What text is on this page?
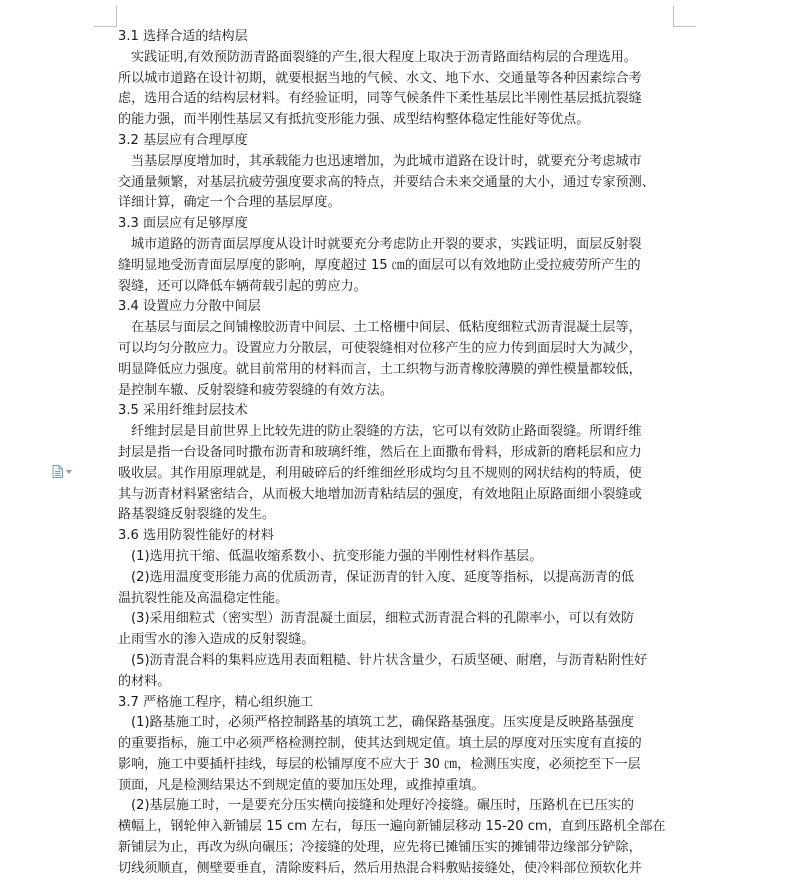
3.1 选择合适的结构层
实践证明,有效预防沥青路面裂缝的产生,很大程度上取决于沥青路面结构层的合理选用。
所以城市道路在设计初期，就要根据当地的气候、水文、地下水、交通量等各种因素综合考
虑，选用合适的结构层材料。有经验证明，同等气候条件下柔性基层比半刚性基层抵抗裂缝
的能力强，而半刚性基层又有抵抗变形能力强、成型结构整体稳定性能好等优点。
3.2 基层应有合理厚度
当基层厚度增加时，其承载能力也迅速增加，为此城市道路在设计时，就要充分考虑城市
交通量频繁，对基层抗疲劳强度要求高的特点，并要结合未来交通量的大小，通过专家预测、
详细计算，确定一个合理的基层厚度。
3.3 面层应有足够厚度
城市道路的沥青面层厚度从设计时就要充分考虑防止开裂的要求，实践证明，面层反射裂
缝明显地受沥青面层厚度的影响，厚度超过 15 ㎝的面层可以有效地防止受拉疲劳所产生的
裂缝，还可以降低车辆荷载引起的剪应力。
3.4 设置应力分散中间层
在基层与面层之间铺橡胶沥青中间层、土工格栅中间层、低粘度细粒式沥青混凝土层等，
可以均匀分散应力。设置应力分散层，可使裂缝相对位移产生的应力传到面层时大为减少，
明显降低应力强度。就目前常用的材料而言，土工织物与沥青橡胶薄膜的弹性模量都较低，
是控制车辙、反射裂缝和疲劳裂缝的有效方法。
3.5 采用纤维封层技术
纤维封层是目前世界上比较先进的防止裂缝的方法，它可以有效防止路面裂缝。所谓纤维
封层是指一台设备同时撒布沥青和玻璃纤维，然后在上面撒布骨料，形成新的磨耗层和应力
吸收层。其作用原理就是，利用破碎后的纤维细丝形成均匀且不规则的网状结构的特质，使
其与沥青材料紧密结合，从而极大地增加沥青粘结层的强度，有效地阻止原路面细小裂缝或
路基裂缝反射裂缝的发生。
3.6 选用防裂性能好的材料
(1)选用抗干缩、低温收缩系数小、抗变形能力强的半刚性材料作基层。
(2)选用温度变形能力高的优质沥青，保证沥青的针入度、延度等指标，以提高沥青的低
温抗裂性能及高温稳定性能。
(3)采用细粒式（密实型）沥青混凝土面层，细粒式沥青混合料的孔隙率小，可以有效防
止雨雪水的渗入造成的反射裂缝。
(5)沥青混合料的集料应选用表面粗糙、针片状含量少，石质坚硬、耐磨，与沥青粘附性好
的材料。
3.7 严格施工程序，精心组织施工
(1)路基施工时，必须严格控制路基的填筑工艺，确保路基强度。压实度是反映路基强度
的重要指标，施工中必须严格检测控制，使其达到规定值。填土层的厚度对压实度有直接的
影响，施工中要插杆挂线，每层的松铺厚度不应大于 30 ㎝，检测压实度，必须挖至下一层
顶面，凡是检测结果达不到规定值的要加压处理，或推掉重填。
(2)基层施工时，一是要充分压实横向接缝和处理好冷接缝。碾压时，压路机在已压实的
横幅上，钢轮伸入新铺层 15 cm 左右，每压一遍向新铺层移动 15-20 cm，直到压路机全部在
新铺层为止，再改为纵向碾压；冷接缝的处理，应先将已摊铺压实的摊铺带边缘部分铲除，
切线须顺直，侧壁要垂直，清除废料后，然后用热混合料敷贴接缝处，使冷料部位预软化并
